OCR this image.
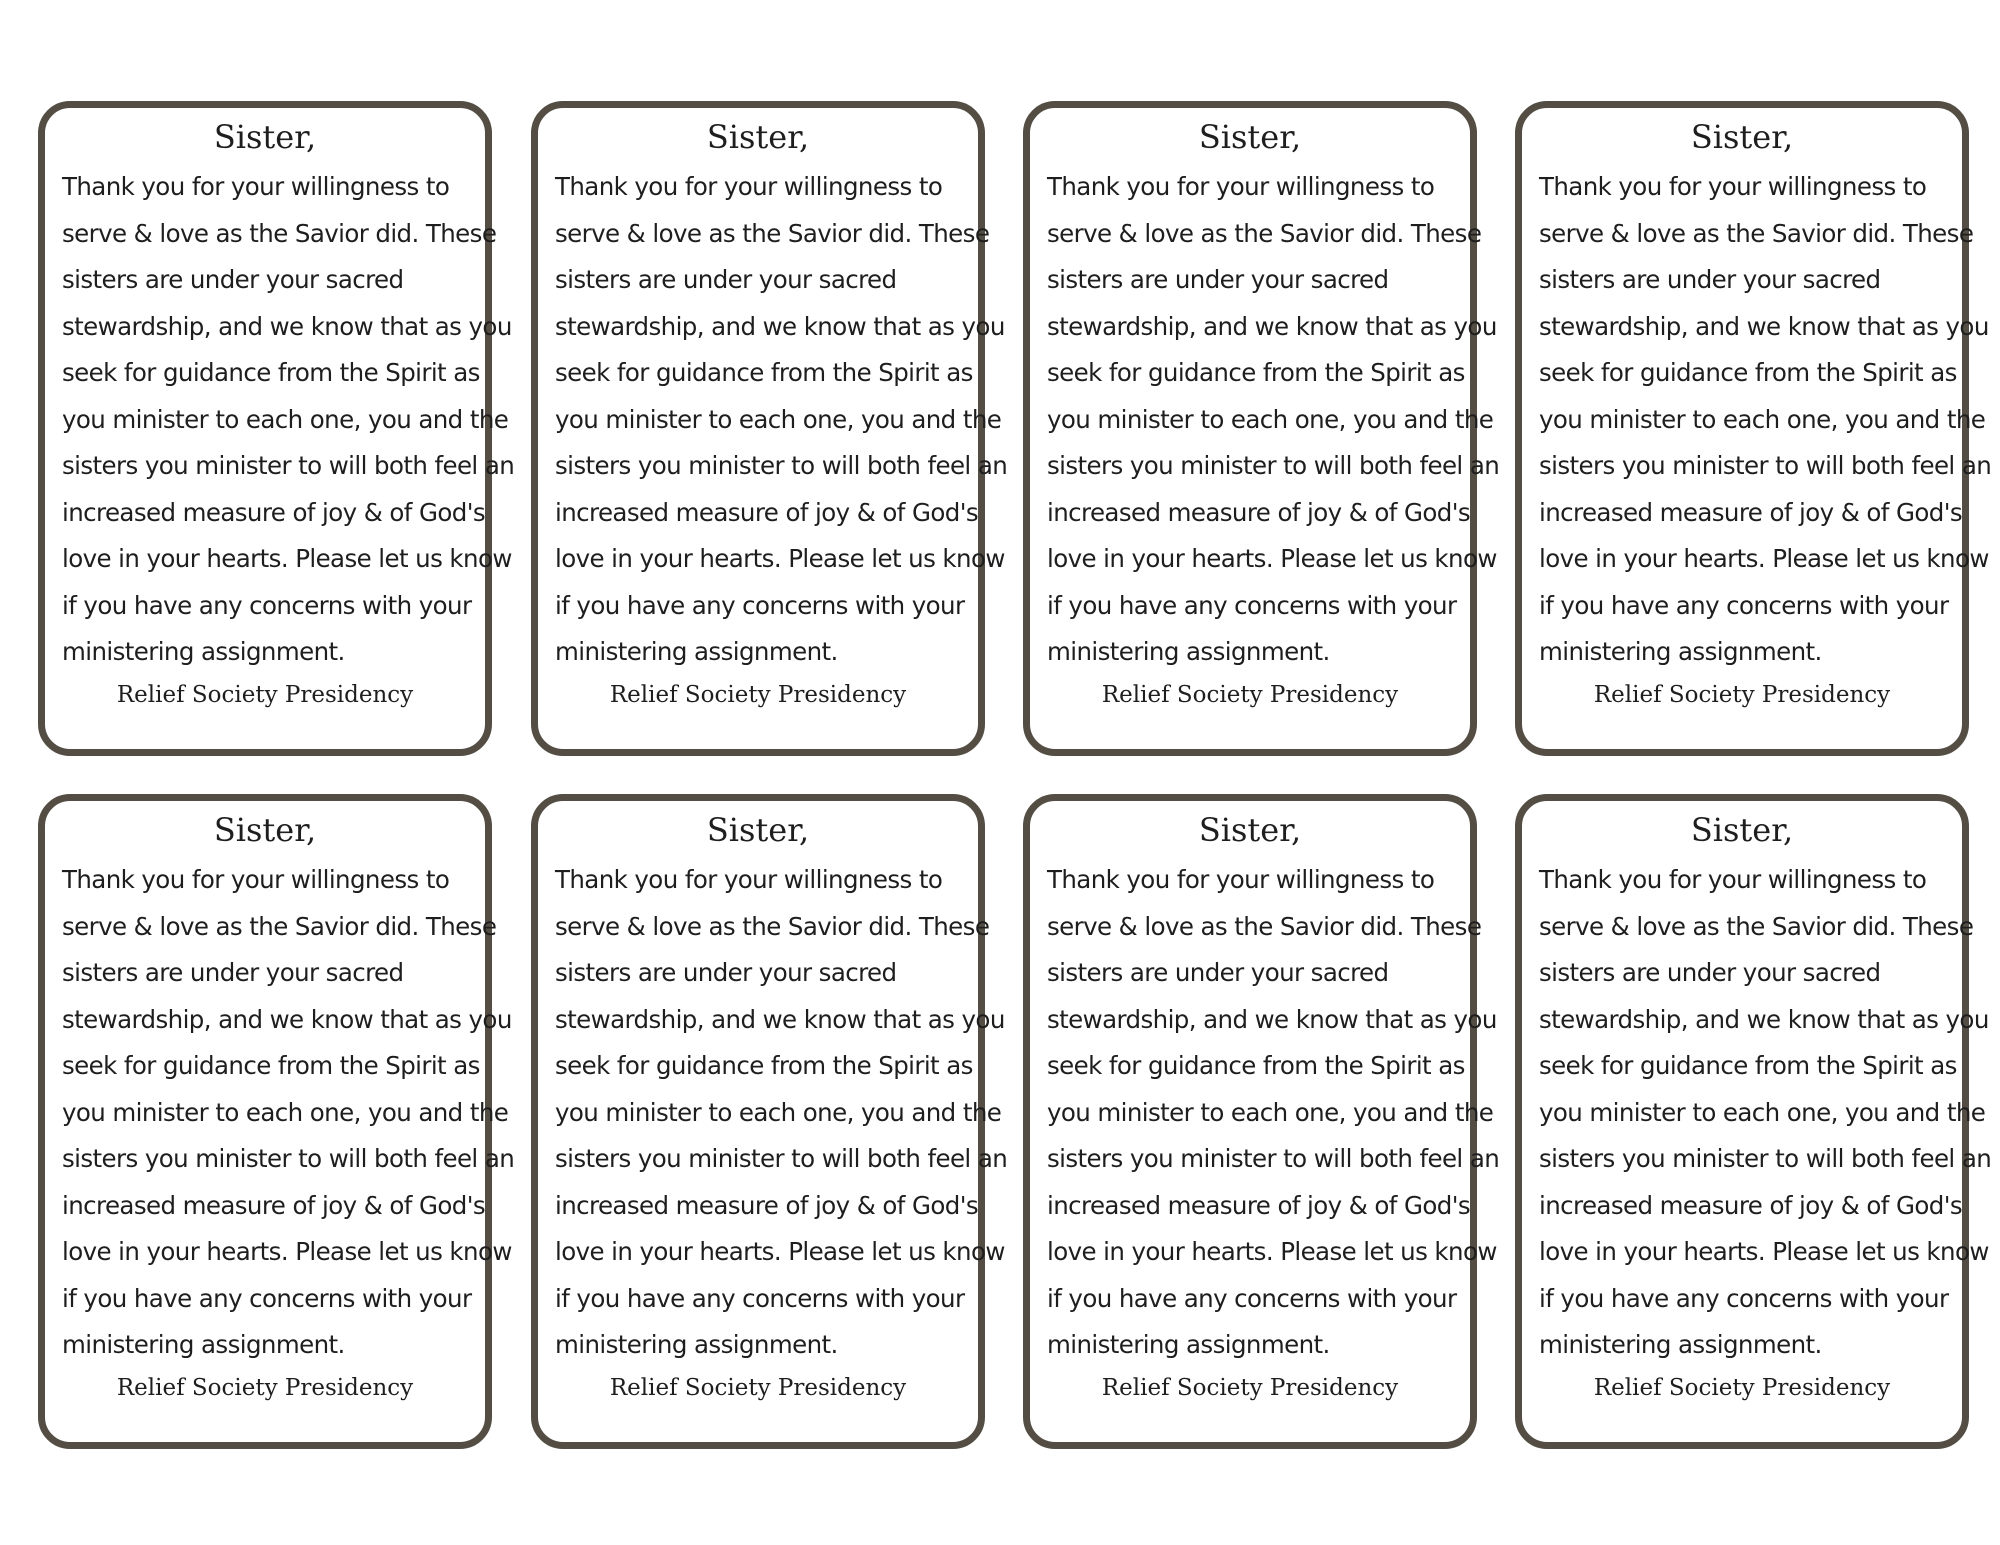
Sister,
Thank you for your willingness to
serve & love as the Savior did. These
sisters are under your sacred
stewardship, and we know that as you
seek for guidance from the Spirit as
you minister to each one, you and the
sisters you minister to will both feel an
increased measure of joy & of God's
love in your hearts. Please let us know
if you have any concerns with your
ministering assignment.
Relief Society Presidency
Sister,
Thank you for your willingness to
serve & love as the Savior did. These
sisters are under your sacred
stewardship, and we know that as you
seek for guidance from the Spirit as
you minister to each one, you and the
sisters you minister to will both feel an
increased measure of joy & of God's
love in your hearts. Please let us know
if you have any concerns with your
ministering assignment.
Relief Society Presidency
Sister,
Thank you for your willingness to
serve & love as the Savior did. These
sisters are under your sacred
stewardship, and we know that as you
seek for guidance from the Spirit as
you minister to each one, you and the
sisters you minister to will both feel an
increased measure of joy & of God's
love in your hearts. Please let us know
if you have any concerns with your
ministering assignment.
Relief Society Presidency
Sister,
Thank you for your willingness to
serve & love as the Savior did. These
sisters are under your sacred
stewardship, and we know that as you
seek for guidance from the Spirit as
you minister to each one, you and the
sisters you minister to will both feel an
increased measure of joy & of God's
love in your hearts. Please let us know
if you have any concerns with your
ministering assignment.
Relief Society Presidency
Sister,
Thank you for your willingness to
serve & love as the Savior did. These
sisters are under your sacred
stewardship, and we know that as you
seek for guidance from the Spirit as
you minister to each one, you and the
sisters you minister to will both feel an
increased measure of joy & of God's
love in your hearts. Please let us know
if you have any concerns with your
ministering assignment.
Relief Society Presidency
Sister,
Thank you for your willingness to
serve & love as the Savior did. These
sisters are under your sacred
stewardship, and we know that as you
seek for guidance from the Spirit as
you minister to each one, you and the
sisters you minister to will both feel an
increased measure of joy & of God's
love in your hearts. Please let us know
if you have any concerns with your
ministering assignment.
Relief Society Presidency
Sister,
Thank you for your willingness to
serve & love as the Savior did. These
sisters are under your sacred
stewardship, and we know that as you
seek for guidance from the Spirit as
you minister to each one, you and the
sisters you minister to will both feel an
increased measure of joy & of God's
love in your hearts. Please let us know
if you have any concerns with your
ministering assignment.
Relief Society Presidency
Sister,
Thank you for your willingness to
serve & love as the Savior did. These
sisters are under your sacred
stewardship, and we know that as you
seek for guidance from the Spirit as
you minister to each one, you and the
sisters you minister to will both feel an
increased measure of joy & of God's
love in your hearts. Please let us know
if you have any concerns with your
ministering assignment.
Relief Society Presidency
